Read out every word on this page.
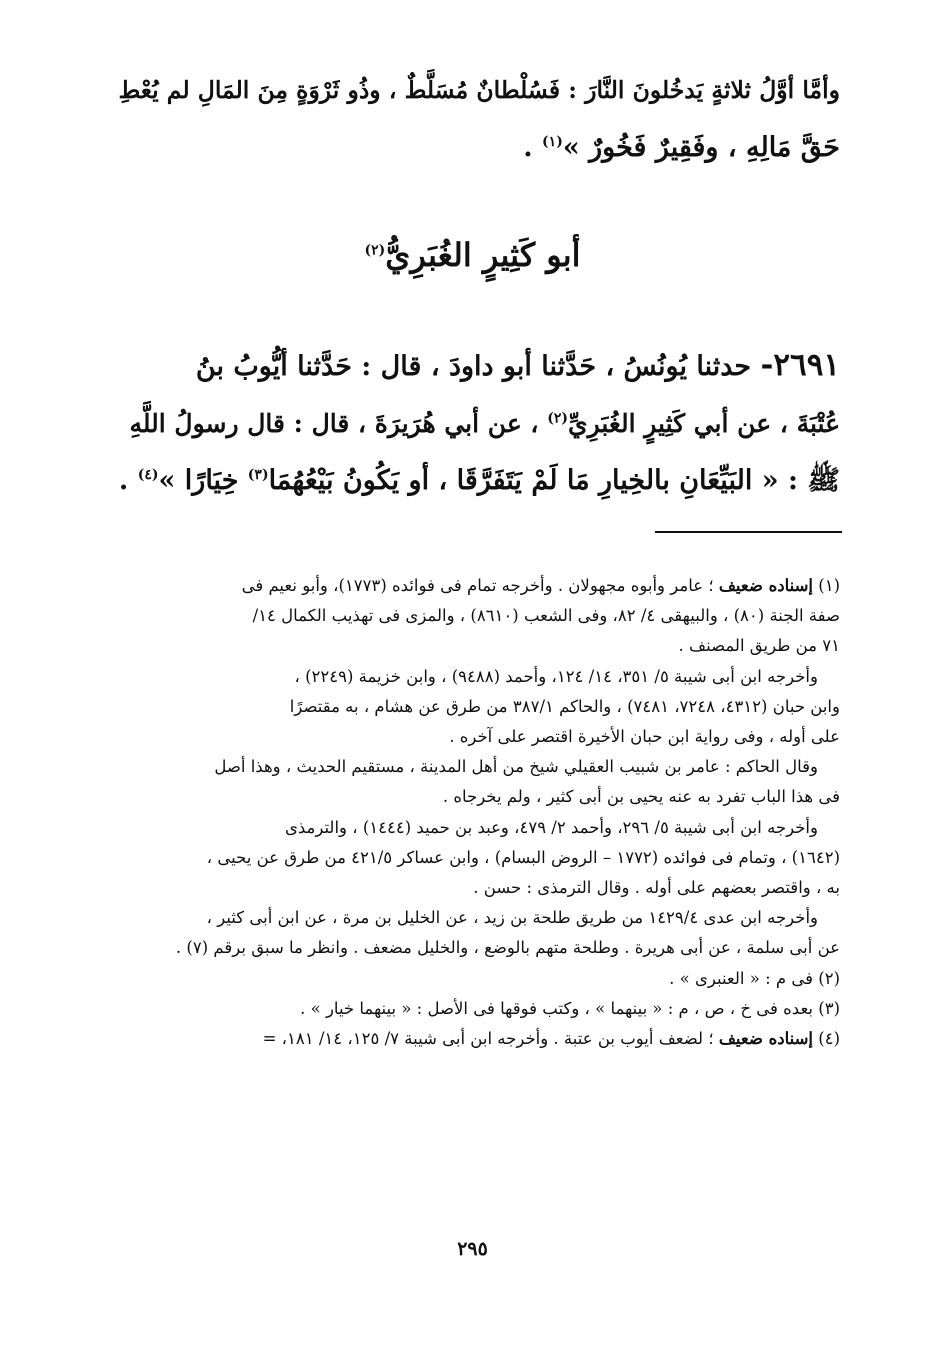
وأمَّا أوَّلُ ثلاثةٍ يَدخُلونَ النَّارَ : فَسُلْطانٌ مُسَلَّطٌ ، وذُو ثَرْوَةٍ مِنَ المَالِ لم يُعْطِ
حَقَّ مَالِهِ ، وفَقِيرٌ فَخُورٌ »$^{(١)}$ .
أبو كَثِيرٍ الغُبَرِيُّ$^{(٢)}$
٢٦٩١- حدثنا يُونُسُ ، حَدَّثنا أبو داودَ ، قال : حَدَّثنا أيُّوبُ بنُ
عُتْبَةَ ، عن أبي كَثِيرٍ الغُبَرِيِّ$^{(٢)}$ ، عن أبي هُرَيرَةَ ، قال : قال رسولُ اللَّهِ
ﷺ : « البَيِّعَانِ بالخِيارِ مَا لَمْ يَتَفَرَّقَا ، أو يَكُونُ بَيْعُهُمَا$^{(٣)}$ خِيَارًا »$^{(٤)}$ .
(١) إسناده ضعيف ؛ عامر وأبوه مجهولان . وأخرجه تمام فى فوائده (١٧٧٣)، وأبو نعيم فى
صفة الجنة (٨٠) ، والبيهقى ٤/ ٨٢، وفى الشعب (٨٦١٠) ، والمزى فى تهذيب الكمال ١٤/
٧١ من طريق المصنف .
وأخرجه ابن أبى شيبة ٥/ ٣٥١، ١٤/ ١٢٤، وأحمد (٩٤٨٨) ، وابن خزيمة (٢٢٤٩) ،
وابن حبان (٤٣١٢، ٧٢٤٨، ٧٤٨١) ، والحاكم ٣٨٧/١ من طرق عن هشام ، به مقتصرًا
على أوله ، وفى رواية ابن حبان الأخيرة اقتصر على آخره .
وقال الحاكم : عامر بن شبيب العقيلي شيخ من أهل المدينة ، مستقيم الحديث ، وهذا أصل
فى هذا الباب تفرد به عنه يحيى بن أبى كثير ، ولم يخرجاه .
وأخرجه ابن أبى شيبة ٥/ ٢٩٦، وأحمد ٢/ ٤٧٩، وعبد بن حميد (١٤٤٤) ، والترمذى
(١٦٤٢) ، وتمام فى فوائده (١٧٧٢ – الروض البسام) ، وابن عساكر ٤٢١/٥ من طرق عن يحيى ،
به ، واقتصر بعضهم على أوله . وقال الترمذى : حسن .
وأخرجه ابن عدى ١٤٢٩/٤ من طريق طلحة بن زيد ، عن الخليل بن مرة ، عن ابن أبى كثير ،
عن أبى سلمة ، عن أبى هريرة . وطلحة متهم بالوضع ، والخليل مضعف . وانظر ما سبق برقم (٧) .
(٢) فى م : « العنبرى » .
(٣) بعده فى خ ، ص ، م : « بينهما » ، وكتب فوقها فى الأصل : « بينهما خيار » .
(٤) إسناده ضعيف ؛ لضعف أيوب بن عتبة . وأخرجه ابن أبى شيبة ٧/ ١٢٥، ١٤/ ١٨١، =
٢٩٥
